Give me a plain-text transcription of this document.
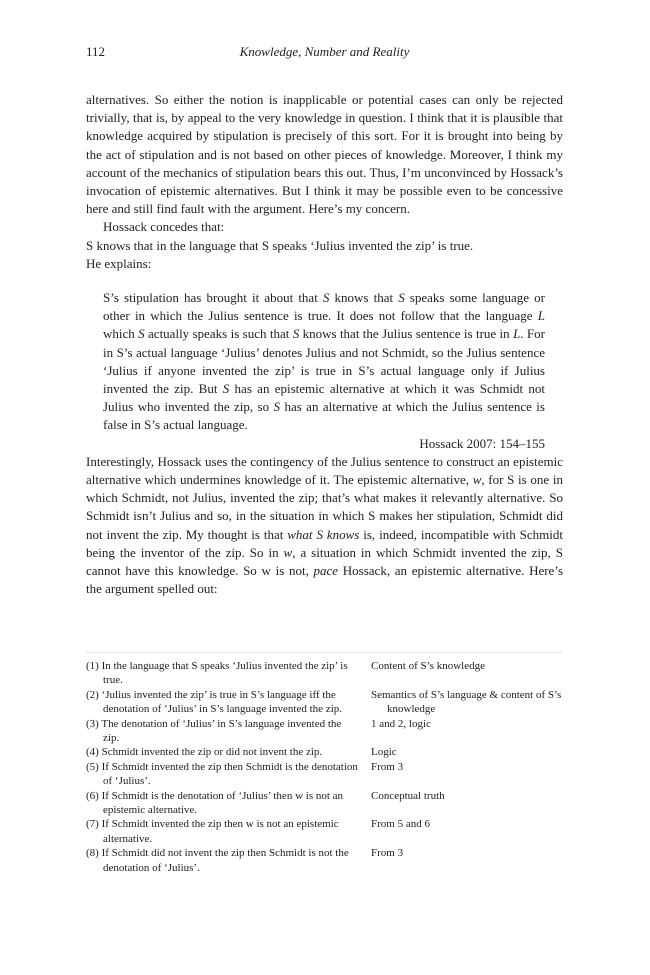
112	Knowledge, Number and Reality

alternatives. So either the notion is inapplicable or potential cases can only be rejected trivially, that is, by appeal to the very knowledge in question. I think that it is plausible that knowledge acquired by stipulation is precisely of this sort. For it is brought into being by the act of stipulation and is not based on other pieces of knowledge. Moreover, I think my account of the mechanics of stipulation bears this out. Thus, I’m unconvinced by Hossack’s invocation of epistemic alternatives. But I think it may be possible even to be concessive here and still find fault with the argument. Here’s my concern.

Hossack concedes that:

S knows that in the language that S speaks ‘Julius invented the zip’ is true.

He explains:

S’s stipulation has brought it about that S knows that S speaks some language or other in which the Julius sentence is true. It does not follow that the language L which S actually speaks is such that S knows that the Julius sentence is true in L. For in S’s actual language ‘Julius’ denotes Julius and not Schmidt, so the Julius sentence ‘Julius if anyone invented the zip’ is true in S’s actual language only if Julius invented the zip. But S has an epistemic alternative at which it was Schmidt not Julius who invented the zip, so S has an alternative at which the Julius sentence is false in S’s actual language.
Hossack 2007: 154–155

Interestingly, Hossack uses the contingency of the Julius sentence to construct an epistemic alternative which undermines knowledge of it. The epistemic alternative, w, for S is one in which Schmidt, not Julius, invented the zip; that’s what makes it relevantly alternative. So Schmidt isn’t Julius and so, in the situation in which S makes her stipulation, Schmidt did not invent the zip. My thought is that what S knows is, indeed, incompatible with Schmidt being the inventor of the zip. So in w, a situation in which Schmidt invented the zip, S cannot have this knowledge. So w is not, pace Hossack, an epistemic alternative. Here’s the argument spelled out:

(1) In the language that S speaks ‘Julius invented the zip’ is true.
Content of S’s knowledge
(2) ‘Julius invented the zip’ is true in S’s language iff the denotation of ‘Julius’ in S’s language invented the zip.
Semantics of S’s language & content of S’s
knowledge
(3) The denotation of ‘Julius’ in S’s language invented the zip.
1 and 2, logic
(4) Schmidt invented the zip or did not invent the zip.	Logic
(5) If Schmidt invented the zip then Schmidt is the denotation of ‘Julius’.
From 3
(6) If Schmidt is the denotation of ‘Julius’ then w is not an epistemic alternative.
Conceptual truth
(7) If Schmidt invented the zip then w is not an epistemic alternative.
From 5 and 6
(8) If Schmidt did not invent the zip then Schmidt is not the denotation of ‘Julius’.
From 3
